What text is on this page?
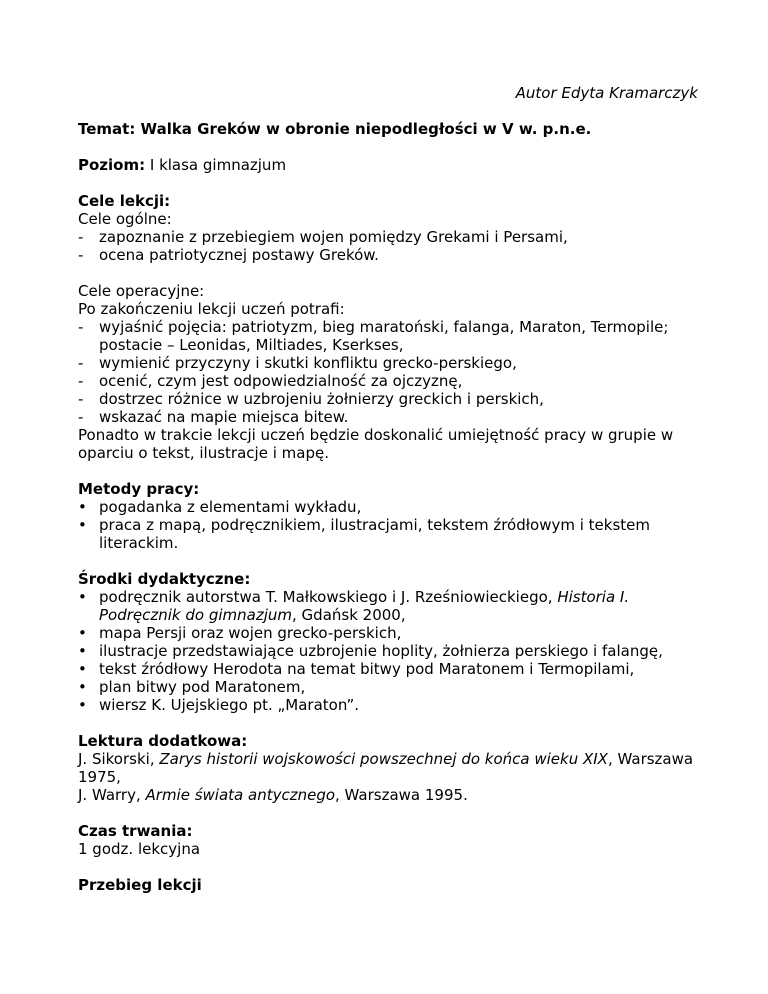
Autor Edyta Kramarczyk
Temat: Walka Greków w obronie niepodległości w V w. p.n.e.
Poziom: I klasa gimnazjum
Cele lekcji:
Cele ogólne:
-
zapoznanie z przebiegiem wojen pomiędzy Grekami i Persami,
-
ocena patriotycznej postawy Greków.
Cele operacyjne:
Po zakończeniu lekcji uczeń potrafi:
-
wyjaśnić pojęcia: patriotyzm, bieg maratoński, falanga, Maraton, Termopile; postacie – Leonidas, Miltiades, Kserkses,
-
wymienić przyczyny i skutki konfliktu grecko-perskiego,
-
ocenić, czym jest odpowiedzialność za ojczyznę,
-
dostrzec różnice w uzbrojeniu żołnierzy greckich i perskich,
-
wskazać na mapie miejsca bitew.
Ponadto w trakcie lekcji uczeń będzie doskonalić umiejętność pracy w grupie w oparciu o tekst, ilustracje i mapę.
Metody pracy:
•
pogadanka z elementami wykładu,
•
praca z mapą, podręcznikiem, ilustracjami, tekstem źródłowym i tekstem literackim.
Środki dydaktyczne:
•
podręcznik autorstwa T. Małkowskiego i J. Rześniowieckiego, Historia I. Podręcznik do gimnazjum, Gdańsk 2000,
•
mapa Persji oraz wojen grecko-perskich,
•
ilustracje przedstawiające uzbrojenie hoplity, żołnierza perskiego i falangę,
•
tekst źródłowy Herodota na temat bitwy pod Maratonem i Termopilami,
•
plan bitwy pod Maratonem,
•
wiersz K. Ujejskiego pt. „Maraton”.
Lektura dodatkowa:
J. Sikorski, Zarys historii wojskowości powszechnej do końca wieku XIX, Warszawa 1975,
J. Warry, Armie świata antycznego, Warszawa 1995.
Czas trwania:
1 godz. lekcyjna
Przebieg lekcji
